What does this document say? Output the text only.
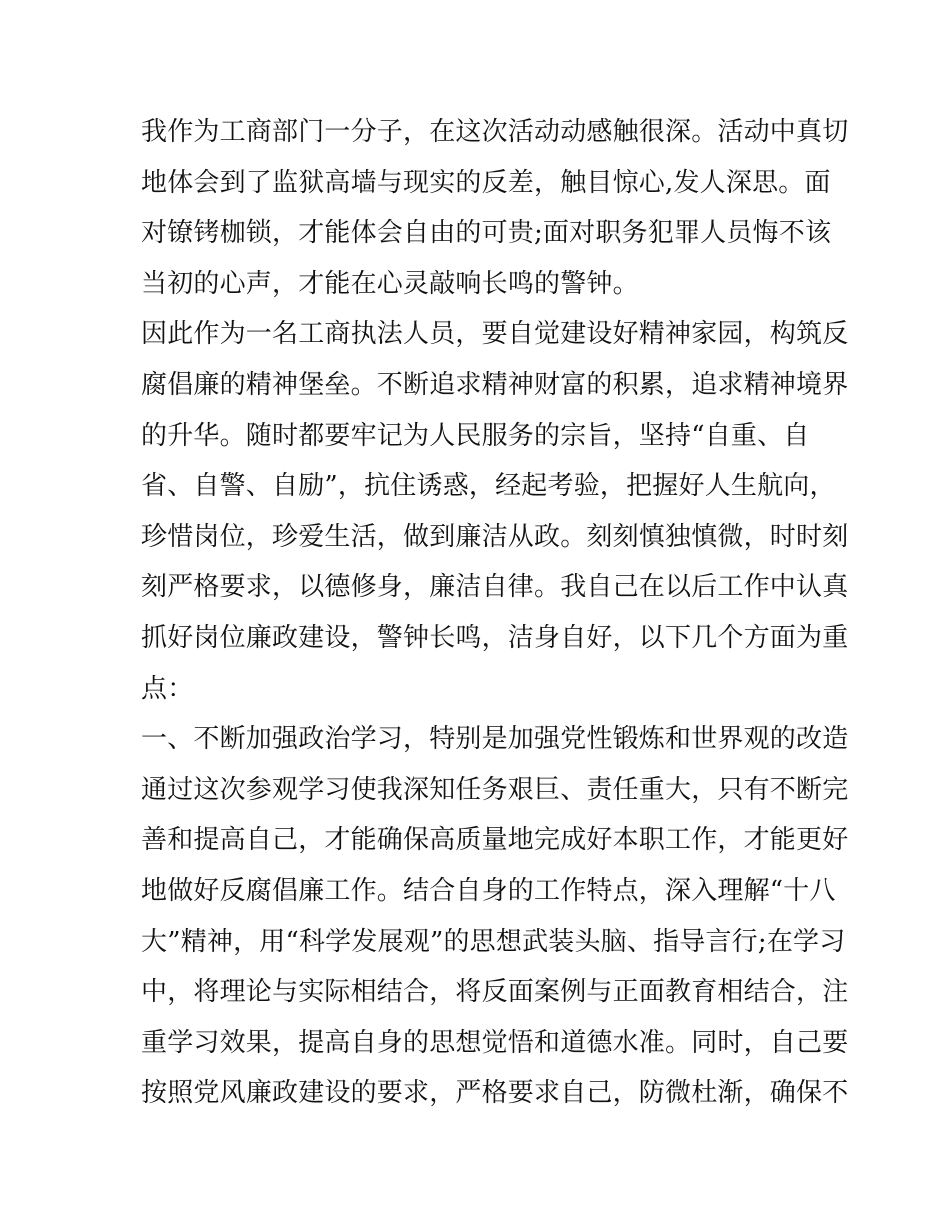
我作为工商部门一分子，在这次活动动感触很深。活动中真切
地体会到了监狱高墙与现实的反差，触目惊心,发人深思。面
对镣铐枷锁，才能体会自由的可贵;面对职务犯罪人员悔不该
当初的心声，才能在心灵敲响长鸣的警钟。
因此作为一名工商执法人员，要自觉建设好精神家园，构筑反
腐倡廉的精神堡垒。不断追求精神财富的积累，追求精神境界
的升华。随时都要牢记为人民服务的宗旨，坚持“自重、自
省、自警、自励”，抗住诱惑，经起考验，把握好人生航向，
珍惜岗位，珍爱生活，做到廉洁从政。刻刻慎独慎微，时时刻
刻严格要求，以德修身，廉洁自律。我自己在以后工作中认真
抓好岗位廉政建设，警钟长鸣，洁身自好，以下几个方面为重
点：
一、不断加强政治学习，特别是加强党性锻炼和世界观的改造
通过这次参观学习使我深知任务艰巨、责任重大，只有不断完
善和提高自己，才能确保高质量地完成好本职工作，才能更好
地做好反腐倡廉工作。结合自身的工作特点，深入理解“十八
大”精神，用“科学发展观”的思想武装头脑、指导言行;在学习
中，将理论与实际相结合，将反面案例与正面教育相结合，注
重学习效果，提高自身的思想觉悟和道德水准。同时，自己要
按照党风廉政建设的要求，严格要求自己，防微杜渐，确保不
